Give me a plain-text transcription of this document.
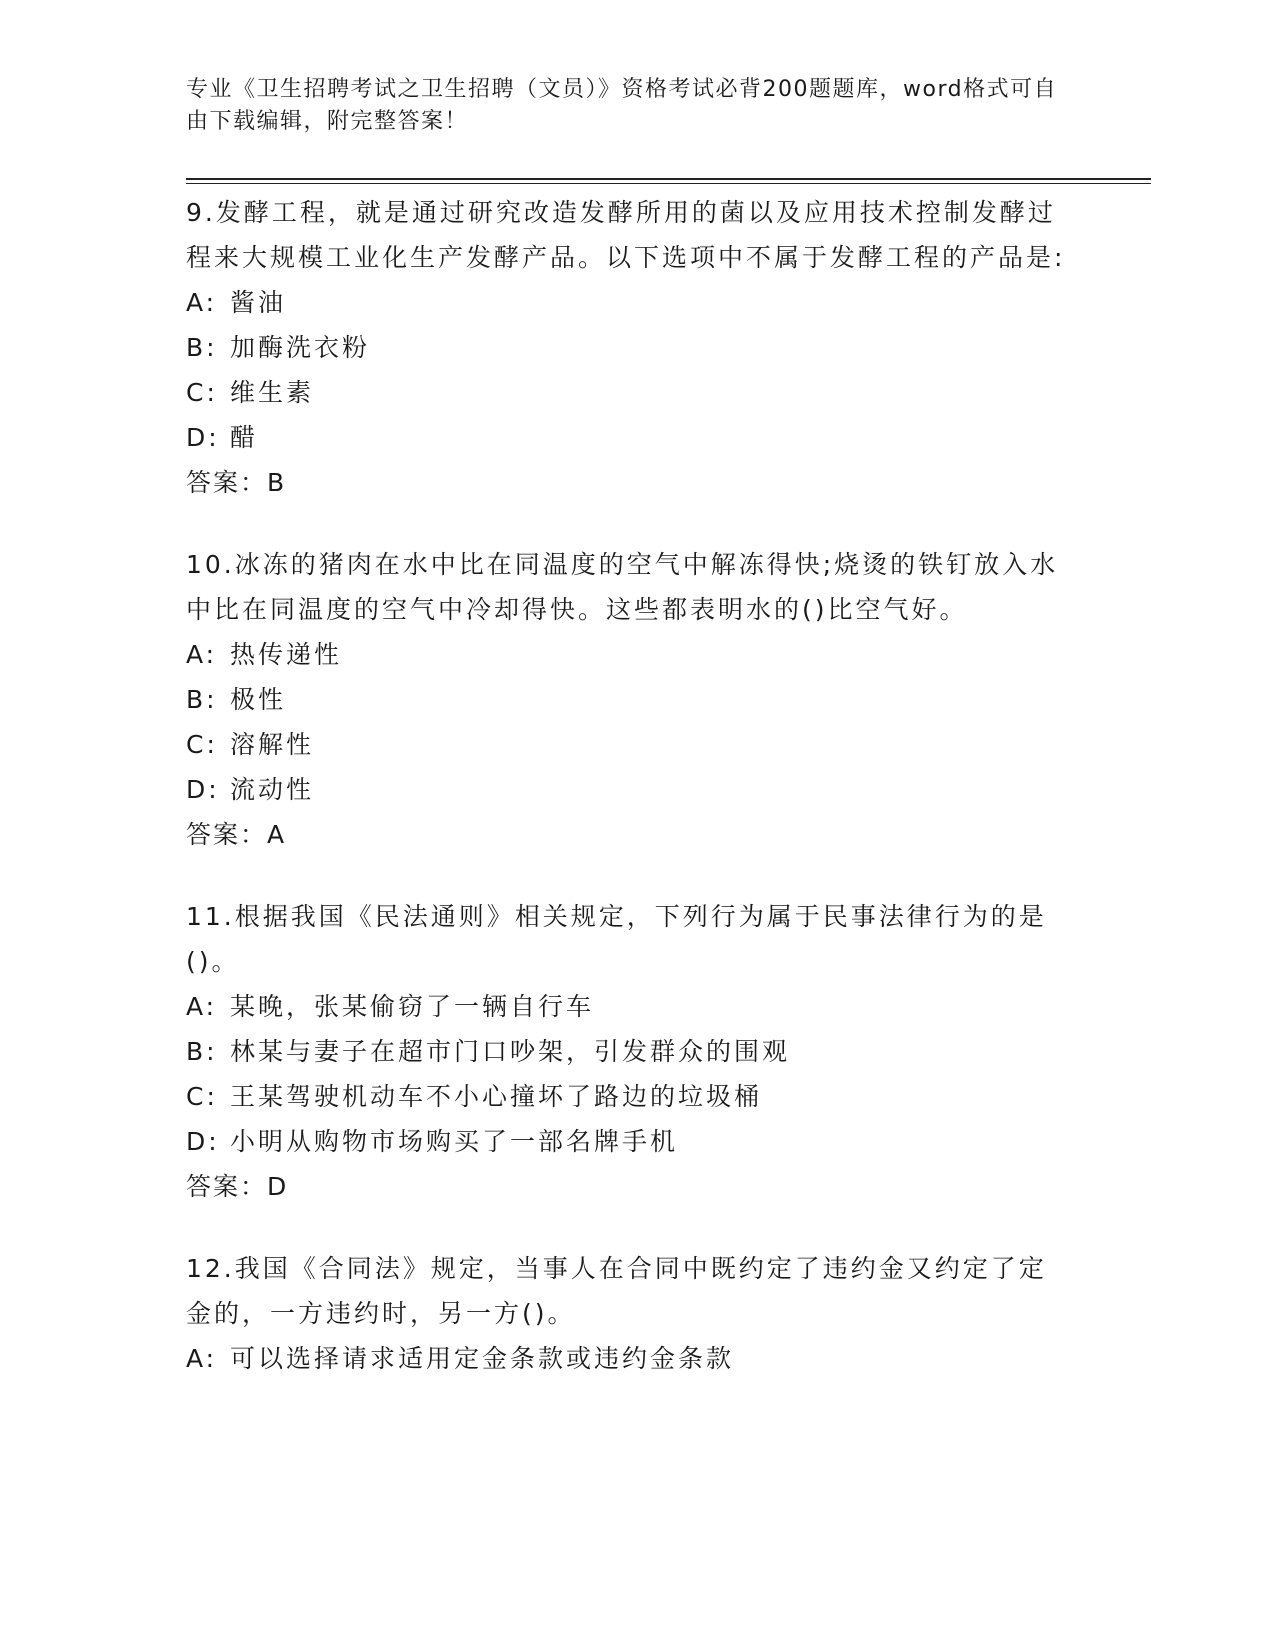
专业《卫生招聘考试之卫生招聘（文员）》资格考试必背200题题库，word格式可自由下载编辑，附完整答案！

9.发酵工程，就是通过研究改造发酵所用的菌以及应用技术控制发酵过程来大规模工业化生产发酵产品。以下选项中不属于发酵工程的产品是:

A: 酱油

B: 加酶洗衣粉

C: 维生素

D: 醋

答案：B

10.冰冻的猪肉在水中比在同温度的空气中解冻得快;烧烫的铁钉放入水中比在同温度的空气中冷却得快。这些都表明水的()比空气好。

A: 热传递性

B: 极性

C: 溶解性

D: 流动性

答案：A

11.根据我国《民法通则》相关规定，下列行为属于民事法律行为的是()。

A: 某晚，张某偷窃了一辆自行车

B: 林某与妻子在超市门口吵架，引发群众的围观

C: 王某驾驶机动车不小心撞坏了路边的垃圾桶

D: 小明从购物市场购买了一部名牌手机

答案：D

12.我国《合同法》规定，当事人在合同中既约定了违约金又约定了定金的，一方违约时，另一方()。

A: 可以选择请求适用定金条款或违约金条款
